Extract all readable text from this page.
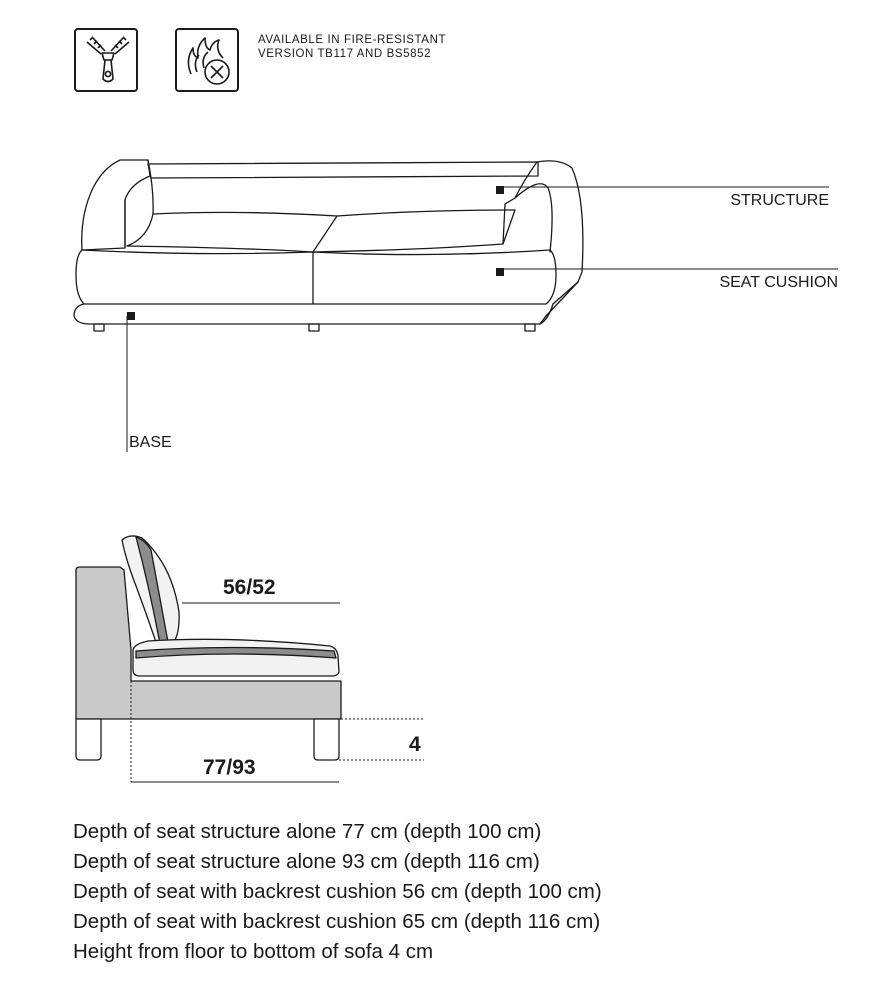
AVAILABLE IN FIRE-RESISTANT
VERSION TB117 AND BS5852
STRUCTURE
SEAT CUSHION
BASE
56/52
77/93
4
Depth of seat structure alone 77 cm (depth 100 cm)
Depth of seat structure alone 93 cm (depth 116 cm)
Depth of seat with backrest cushion 56 cm (depth 100 cm)
Depth of seat with backrest cushion 65 cm (depth 116 cm)
Height from floor to bottom of sofa 4 cm
